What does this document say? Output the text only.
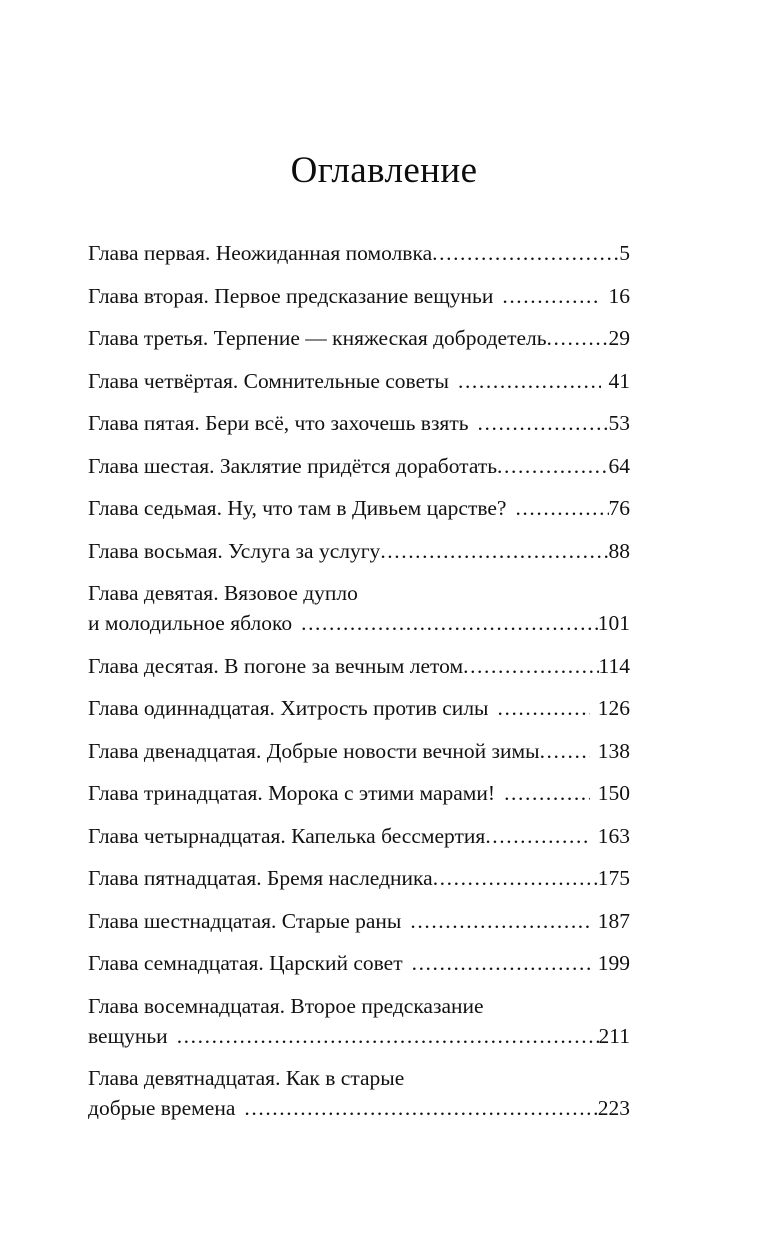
Оглавление
Глава первая. Неожиданная помолвка .....	5
Глава вторая. Первое предсказание вещуньи .....	16
Глава третья. Терпение — княжеская добродетель .....	29
Глава четвёртая. Сомнительные советы .....	41
Глава пятая. Бери всё, что захочешь взять .....	53
Глава шестая. Заклятие придётся доработать .....	64
Глава седьмая. Ну, что там в Дивьем царстве? .....	76
Глава восьмая. Услуга за услугу .....	88
Глава девятая. Вязовое дупло
и молодильное яблоко .....	101
Глава десятая. В погоне за вечным летом .....	114
Глава одиннадцатая. Хитрость против силы .....	126
Глава двенадцатая. Добрые новости вечной зимы .....	138
Глава тринадцатая. Морока с этими марами! .....	150
Глава четырнадцатая. Капелька бессмертия .....	163
Глава пятнадцатая. Бремя наследника .....	175
Глава шестнадцатая. Старые раны .....	187
Глава семнадцатая. Царский совет .....	199
Глава восемнадцатая. Второе предсказание
вещуньи .....	211
Глава девятнадцатая. Как в старые
добрые времена .....	223
